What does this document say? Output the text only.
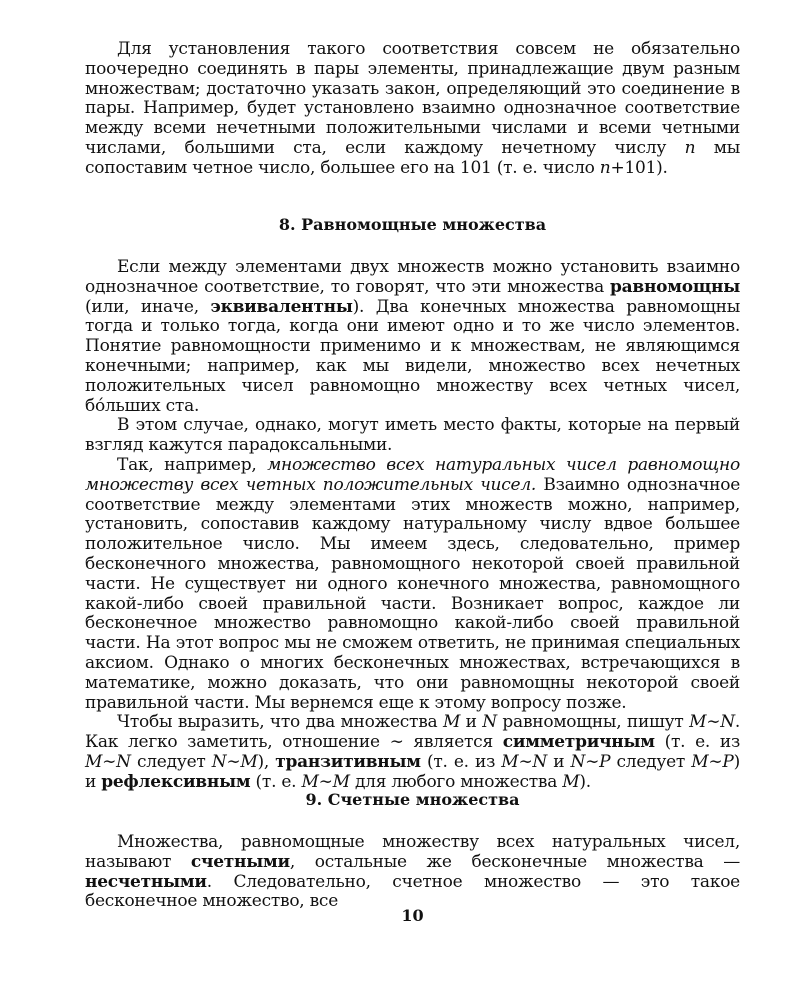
Для установления такого соответствия совсем не обязательно поочередно соединять в пары элементы, принадлежащие двум разным множествам; достаточно указать закон, определяющий это соединение в пары. Например, будет установлено взаимно однозначное соответствие между всеми нечетными положительными числами и всеми четными числами, большими ста, если каждому нечетному числу n мы сопоставим четное число, большее его на 101 (т. е. число n+101).

8. Равномощные множества

Если между элементами двух множеств можно установить взаимно однозначное соответствие, то говорят, что эти множества равномощны (или, иначе, эквивалентны). Два конечных множества равномощны тогда и только тогда, когда они имеют одно и то же число элементов. Понятие равномощности применимо и к множествам, не являющимся конечными; например, как мы видели, множество всех нечетных положительных чисел равномощно множеству всех четных чисел, бо́льших ста.

В этом случае, однако, могут иметь место факты, которые на первый взгляд кажутся парадоксальными.

Так, например, множество всех натуральных чисел равномощно множеству всех четных положительных чисел. Взаимно однозначное соответствие между элементами этих множеств можно, например, установить, сопоставив каждому натуральному числу вдвое большее положительное число. Мы имеем здесь, следовательно, пример бесконечного множества, равномощного некоторой своей правильной части. Не существует ни одного конечного множества, равномощного какой-либо своей правильной части. Возникает вопрос, каждое ли бесконечное множество равномощно какой-либо своей правильной части. На этот вопрос мы не сможем ответить, не принимая специальных аксиом. Однако о многих бесконечных множествах, встречающихся в математике, можно доказать, что они равномощны некоторой своей правильной части. Мы вернемся еще к этому вопросу позже.

Чтобы выразить, что два множества M и N равномощны, пишут M∼N. Как легко заметить, отношение ∼ является симметричным (т. е. из M∼N следует N∼M), транзитивным (т. е. из M∼N и N∼P следует M∼P) и рефлексивным (т. е. M∼M для любого множества M).

9. Счетные множества

Множества, равномощные множеству всех натуральных чисел, называют счетными, остальные же бесконечные множества — несчетными. Следовательно, счетное множество — это такое бесконечное множество, все

10
